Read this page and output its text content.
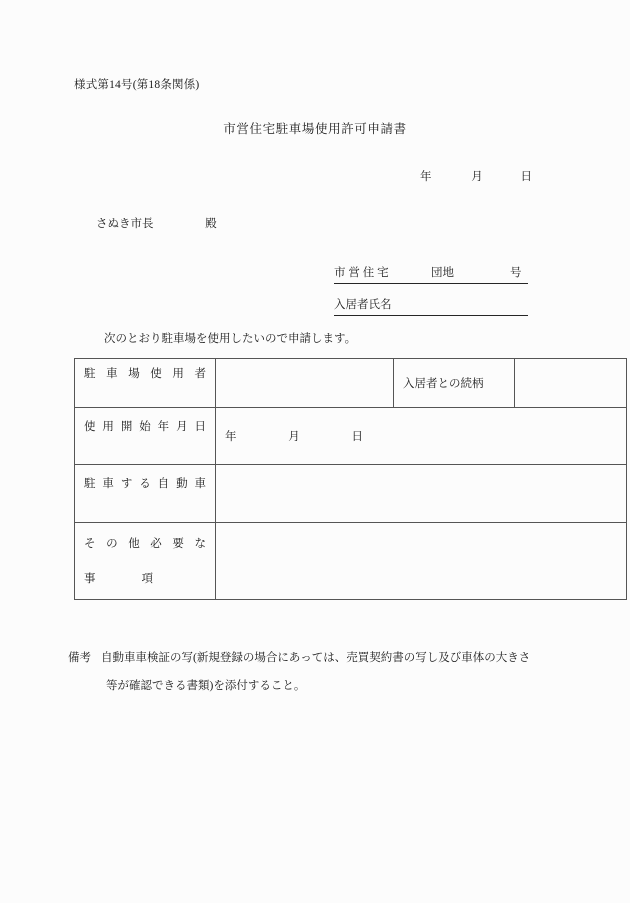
様式第14号(第18条関係)
市営住宅駐車場使用許可申請書
年	月	日
さぬき市長	殿
市 営 住 宅	団地	号
入居者氏名
次のとおり駐車場を使用したいので申請します。
駐車場使用者		入居者との続柄	

使用開始年月日	年 月 日		

駐車する自動車			

その他必要な
事　　　　項			

備考 自動車車検証の写(新規登録の場合にあっては、売買契約書の写し及び車体の大きさ
等が確認できる書類)を添付すること。
